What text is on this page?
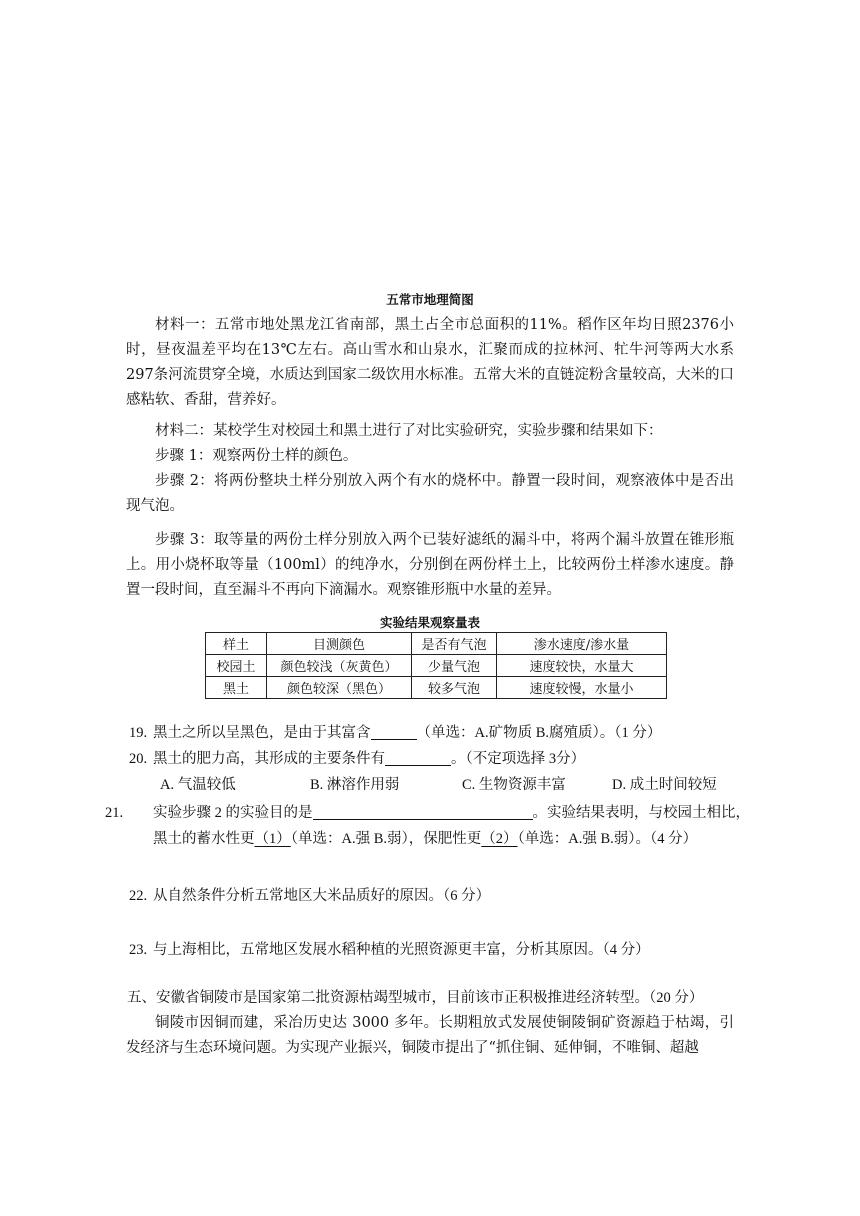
五常市地理简图

材料一：五常市地处黑龙江省南部，黑土占全市总面积的11%。稻作区年均日照2376小时，昼夜温差平均在13℃左右。高山雪水和山泉水，汇聚而成的拉林河、牤牛河等两大水系297条河流贯穿全境，水质达到国家二级饮用水标准。五常大米的直链淀粉含量较高，大米的口感粘软、香甜，营养好。

材料二：某校学生对校园土和黑土进行了对比实验研究，实验步骤和结果如下：

步骤 1：观察两份土样的颜色。

步骤 2：将两份整块土样分别放入两个有水的烧杯中。静置一段时间，观察液体中是否出现气泡。

步骤 3：取等量的两份土样分别放入两个已装好滤纸的漏斗中，将两个漏斗放置在锥形瓶上。用小烧杯取等量（100ml）的纯净水，分别倒在两份样土上，比较两份土样渗水速度。静置一段时间，直至漏斗不再向下滴漏水。观察锥形瓶中水量的差异。

实验结果观察量表
样土	目测颜色	是否有气泡	渗水速度/渗水量
校园土	颜色较浅（灰黄色）	少量气泡	速度较快，水量大
黑土	颜色较深（黑色）	较多气泡	速度较慢，水量小
19. 黑土之所以呈黑色，是由于其富含	（单选：A.矿物质 B.腐殖质）。（1 分）
20. 黑土的肥力高，其形成的主要条件有	。（不定项选择 3分）
A. 气温较低	B. 淋溶作用弱	C. 生物资源丰富	D. 成土时间较短
21. 实验步骤 2 的实验目的是	。实验结果表明，与校园土相比，黑土的蓄水性更（1）（单选：A.强 B.弱），保肥性更（2）（单选：A.强 B.弱）。（4 分）
22. 从自然条件分析五常地区大米品质好的原因。（6 分）
23. 与上海相比，五常地区发展水稻种植的光照资源更丰富，分析其原因。（4 分）
五、安徽省铜陵市是国家第二批资源枯竭型城市，目前该市正积极推进经济转型。（20 分）

铜陵市因铜而建，采冶历史达 3000 多年。长期粗放式发展使铜陵铜矿资源趋于枯竭，引发经济与生态环境问题。为实现产业振兴，铜陵市提出了“抓住铜、延伸铜，不唯铜、超越
